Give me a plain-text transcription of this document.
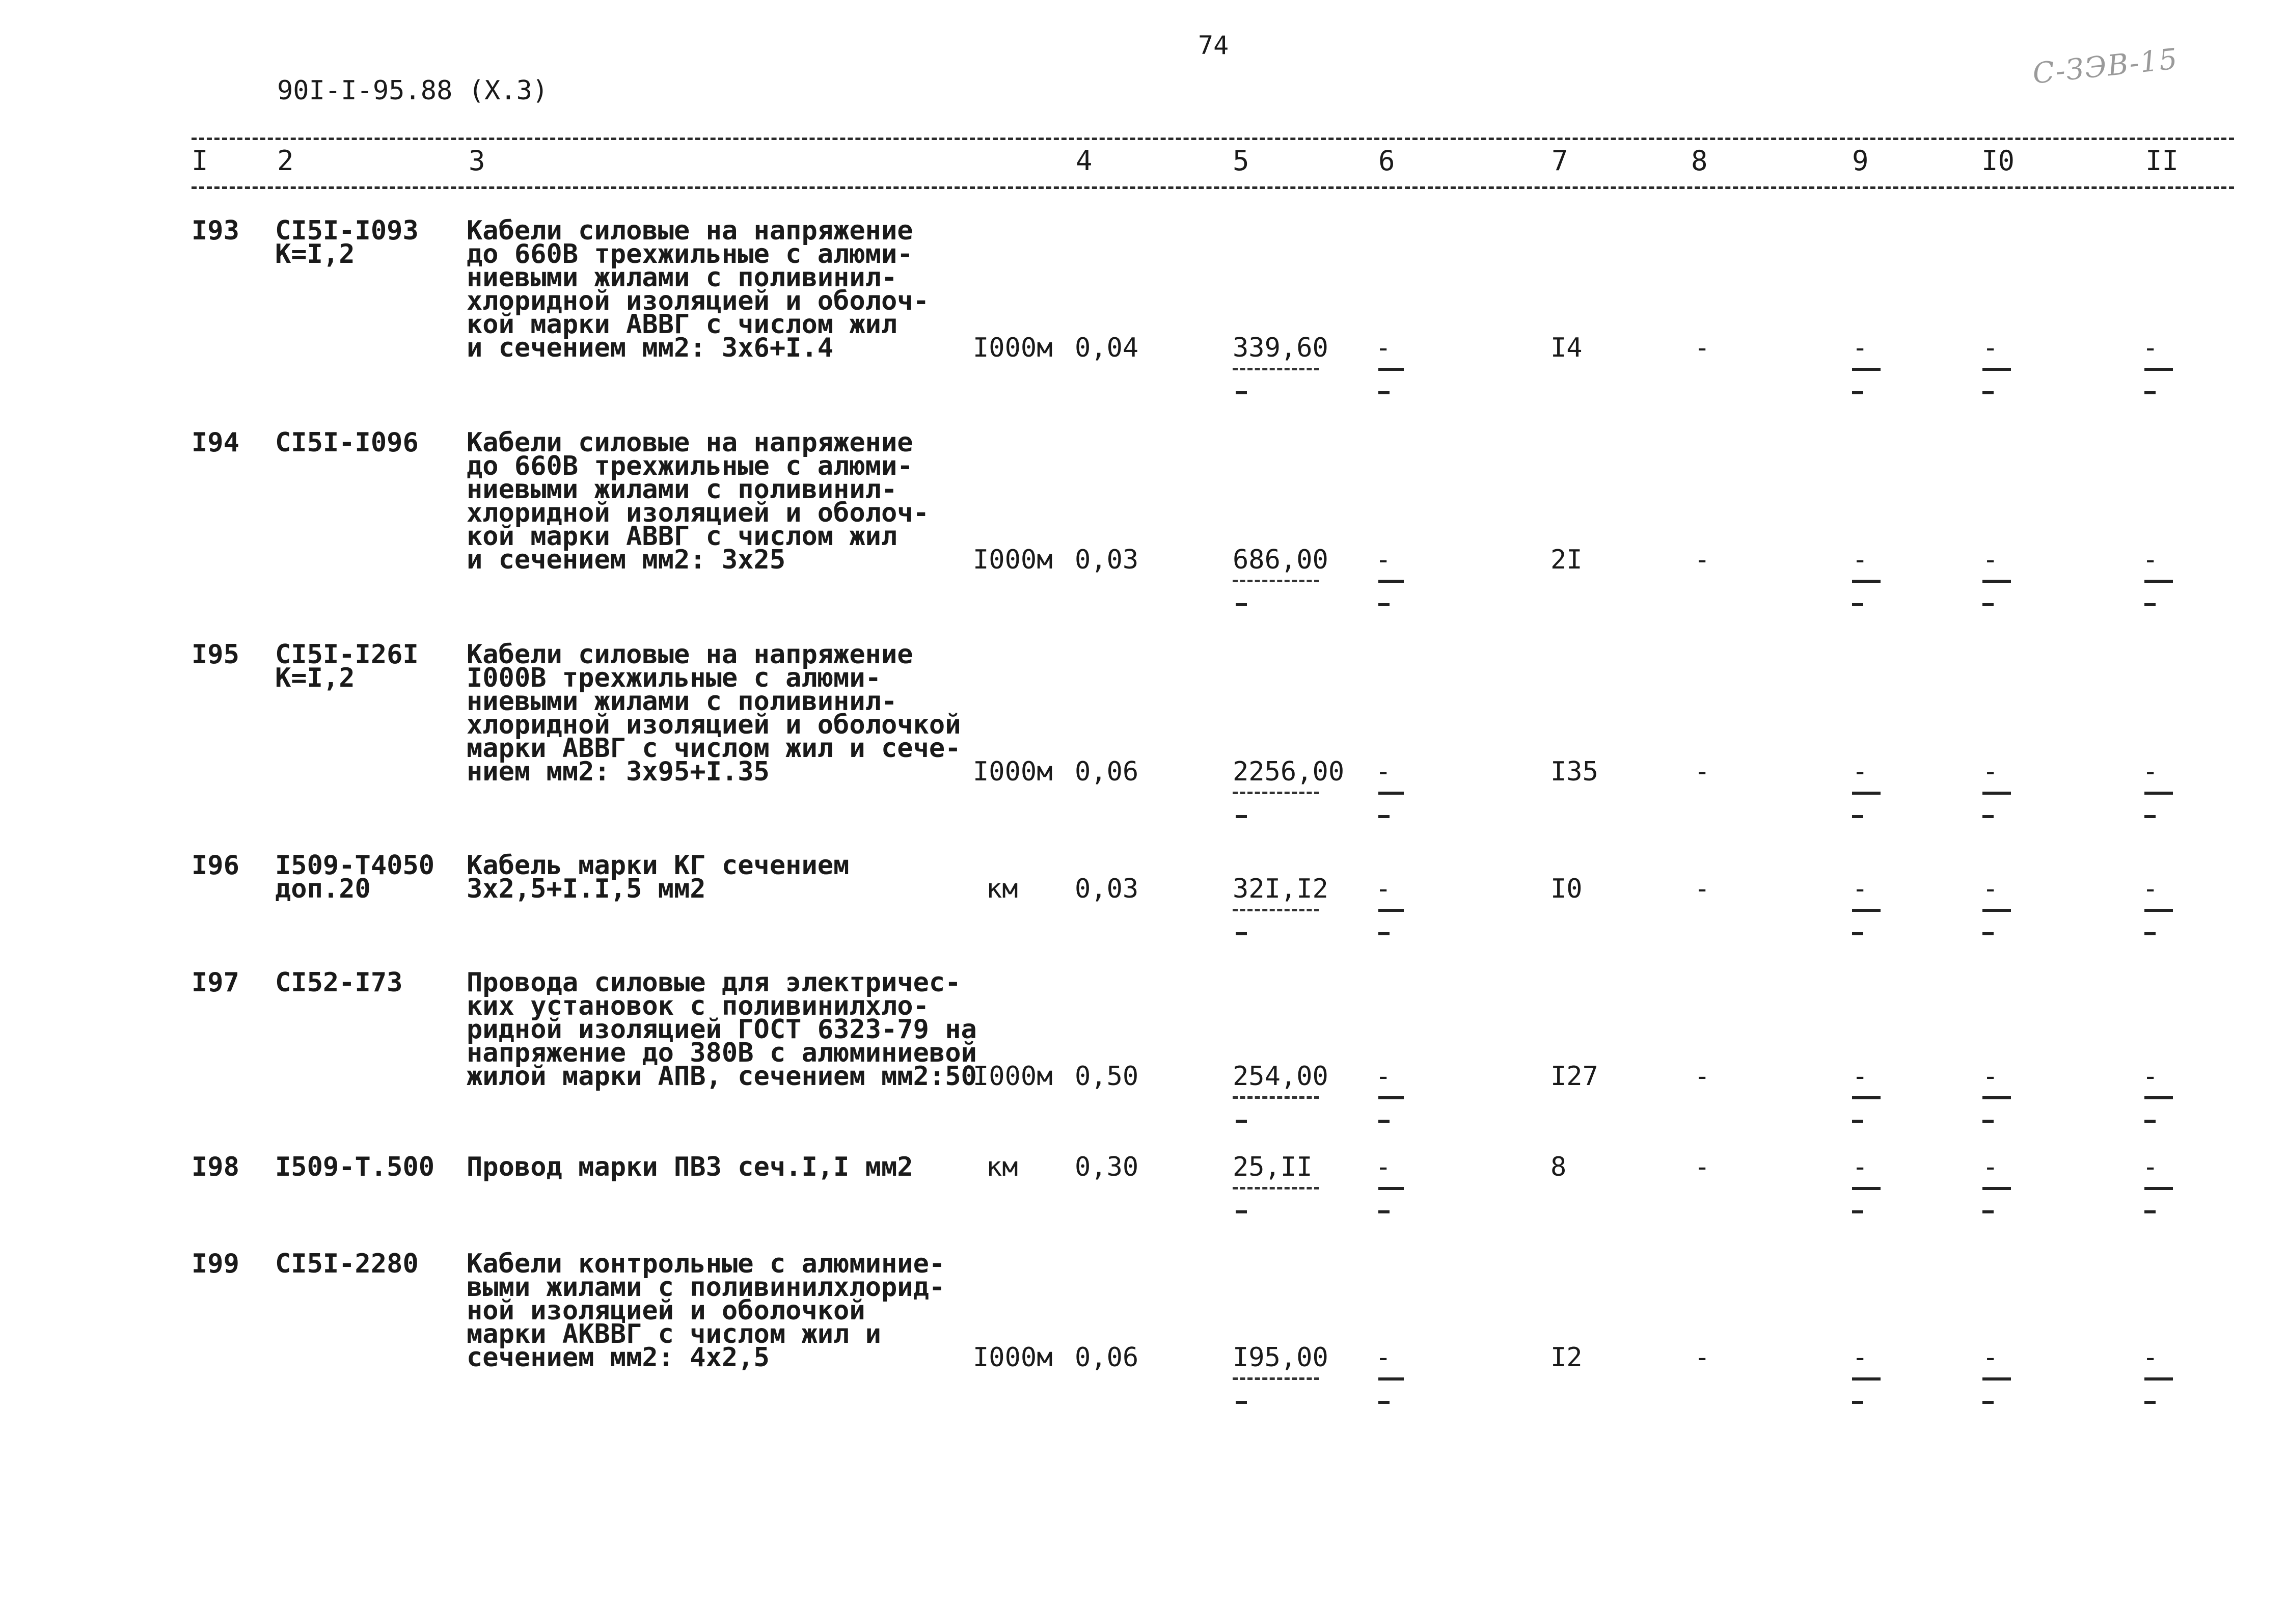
74
90I-I-95.88 (X.3)
С-ЗЭВ-15
I	2	3	4	5	6	7	8	9	I0	II
I93 СI5I-I093
К=I,2
Кабели силовые на напряжение
до 660В трехжильные с алюми-
ниевыми жилами с поливинил-
хлоридной изоляцией и оболоч-
кой марки АВВГ с числом жил
и сечением мм2: 3х6+I.4	I000м 0,04	339,60 -	I4	-	-	-	-
I94 СI5I-I096 Кабели силовые на напряжение
до 660В трехжильные с алюми-
ниевыми жилами с поливинил-
хлоридной изоляцией и оболоч-
кой марки АВВГ с числом жил
и сечением мм2: 3х25	I000м 0,03	686,00 -	2I	-	-	-	-
I95 СI5I-I26I
К=I,2
Кабели силовые на напряжение
I000В трехжильные с алюми-
ниевыми жилами с поливинил-
хлоридной изоляцией и оболочкой
марки АВВГ с числом жил и сече-
нием мм2: 3х95+I.35	I000м 0,06	2256,00 -	I35	-	-	-	-
I96 I509-Т4050
доп.20
Кабель марки КГ сечением
3х2,5+I.I,5 мм2	км 0,03	32I,I2 -	I0	-	-	-	-
I97 СI52-I73 Провода силовые для электричес-
ких установок с поливинилхло-
ридной изоляцией ГОСТ 6323-79 на
напряжение до 380В с алюминиевой
жилой марки АПВ, сечением мм2:50
I000м 0,50	254,00 -	I27	-	-	-	-
I98 I509-Т.500 Провод марки ПВЗ сеч.I,I мм2	км 0,30	25,II -	8	-	-	-	-
I99 СI5I-2280 Кабели контрольные с алюминие-
выми жилами с поливинилхлорид-
ной изоляцией и оболочкой
марки АКВВГ с числом жил и
сечением мм2: 4х2,5	I000м 0,06	I95,00 -	I2	-	-	-	-
